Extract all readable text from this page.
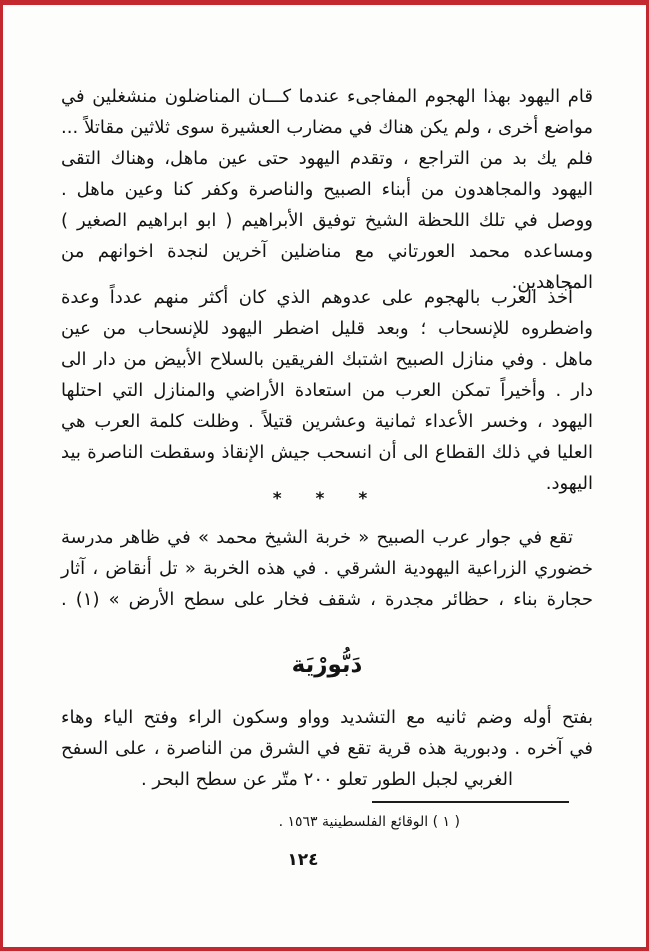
قام اليهود بهذا الهجوم المفاجىء عندما كـــان المناضلون منشغلين في
مواضع أخرى ، ولم يكن هناك في مضارب العشيرة سوى ثلاثين مقاتلاً ...
فلم يك بد من التراجع ، وتقدم اليهود حتى عين ماهل، وهناك التقى
اليهود والمجاهدون من أبناء الصبيح والناصرة وكفر كنا وعين ماهل .
ووصل في تلك اللحظة الشيخ توفيق الأبراهيم ( ابو ابراهيم الصغير )
ومساعده محمد العورتاني مع مناضلين آخرين لنجدة اخوانهم من المجاهدين.
أخذ العرب بالهجوم على عدوهم الذي كان أكثر منهم عدداً وعدة
واضطروه للإنسحاب ؛ وبعد قليل اضطر اليهود للإنسحاب من عين
ماهل . وفي منازل الصبيح اشتبك الفريقين بالسلاح الأبيض من دار الى
دار . وأخيراً تمكن العرب من استعادة الأراضي والمنازل التي احتلها
اليهود ، وخسر الأعداء ثمانية وعشرين قتيلاً . وظلت كلمة العرب هي
العليا في ذلك القطاع الى أن انسحب جيش الإنقاذ وسقطت الناصرة بيد اليهود.
* * *
تقع في جوار عرب الصبيح « خربة الشيخ محمد » في ظاهر مدرسة
خضوري الزراعية اليهودية الشرقي . في هذه الخربة « تل أنقاض ، آثار
حجارة بناء ، حظائر مجدرة ، شقف فخار على سطح الأرض » (١) .
دَبُّورْيَة
بفتح أوله وضم ثانيه مع التشديد وواو وسكون الراء وفتح الياء وهاء
في آخره . ودبورية هذه قرية تقع في الشرق من الناصرة ، على السفح
الغربي لجبل الطور تعلو ٢٠٠ متّر عن سطح البحر .
( ١ ) الوقائع الفلسطينية ١٥٦٣ .
١٢٤
